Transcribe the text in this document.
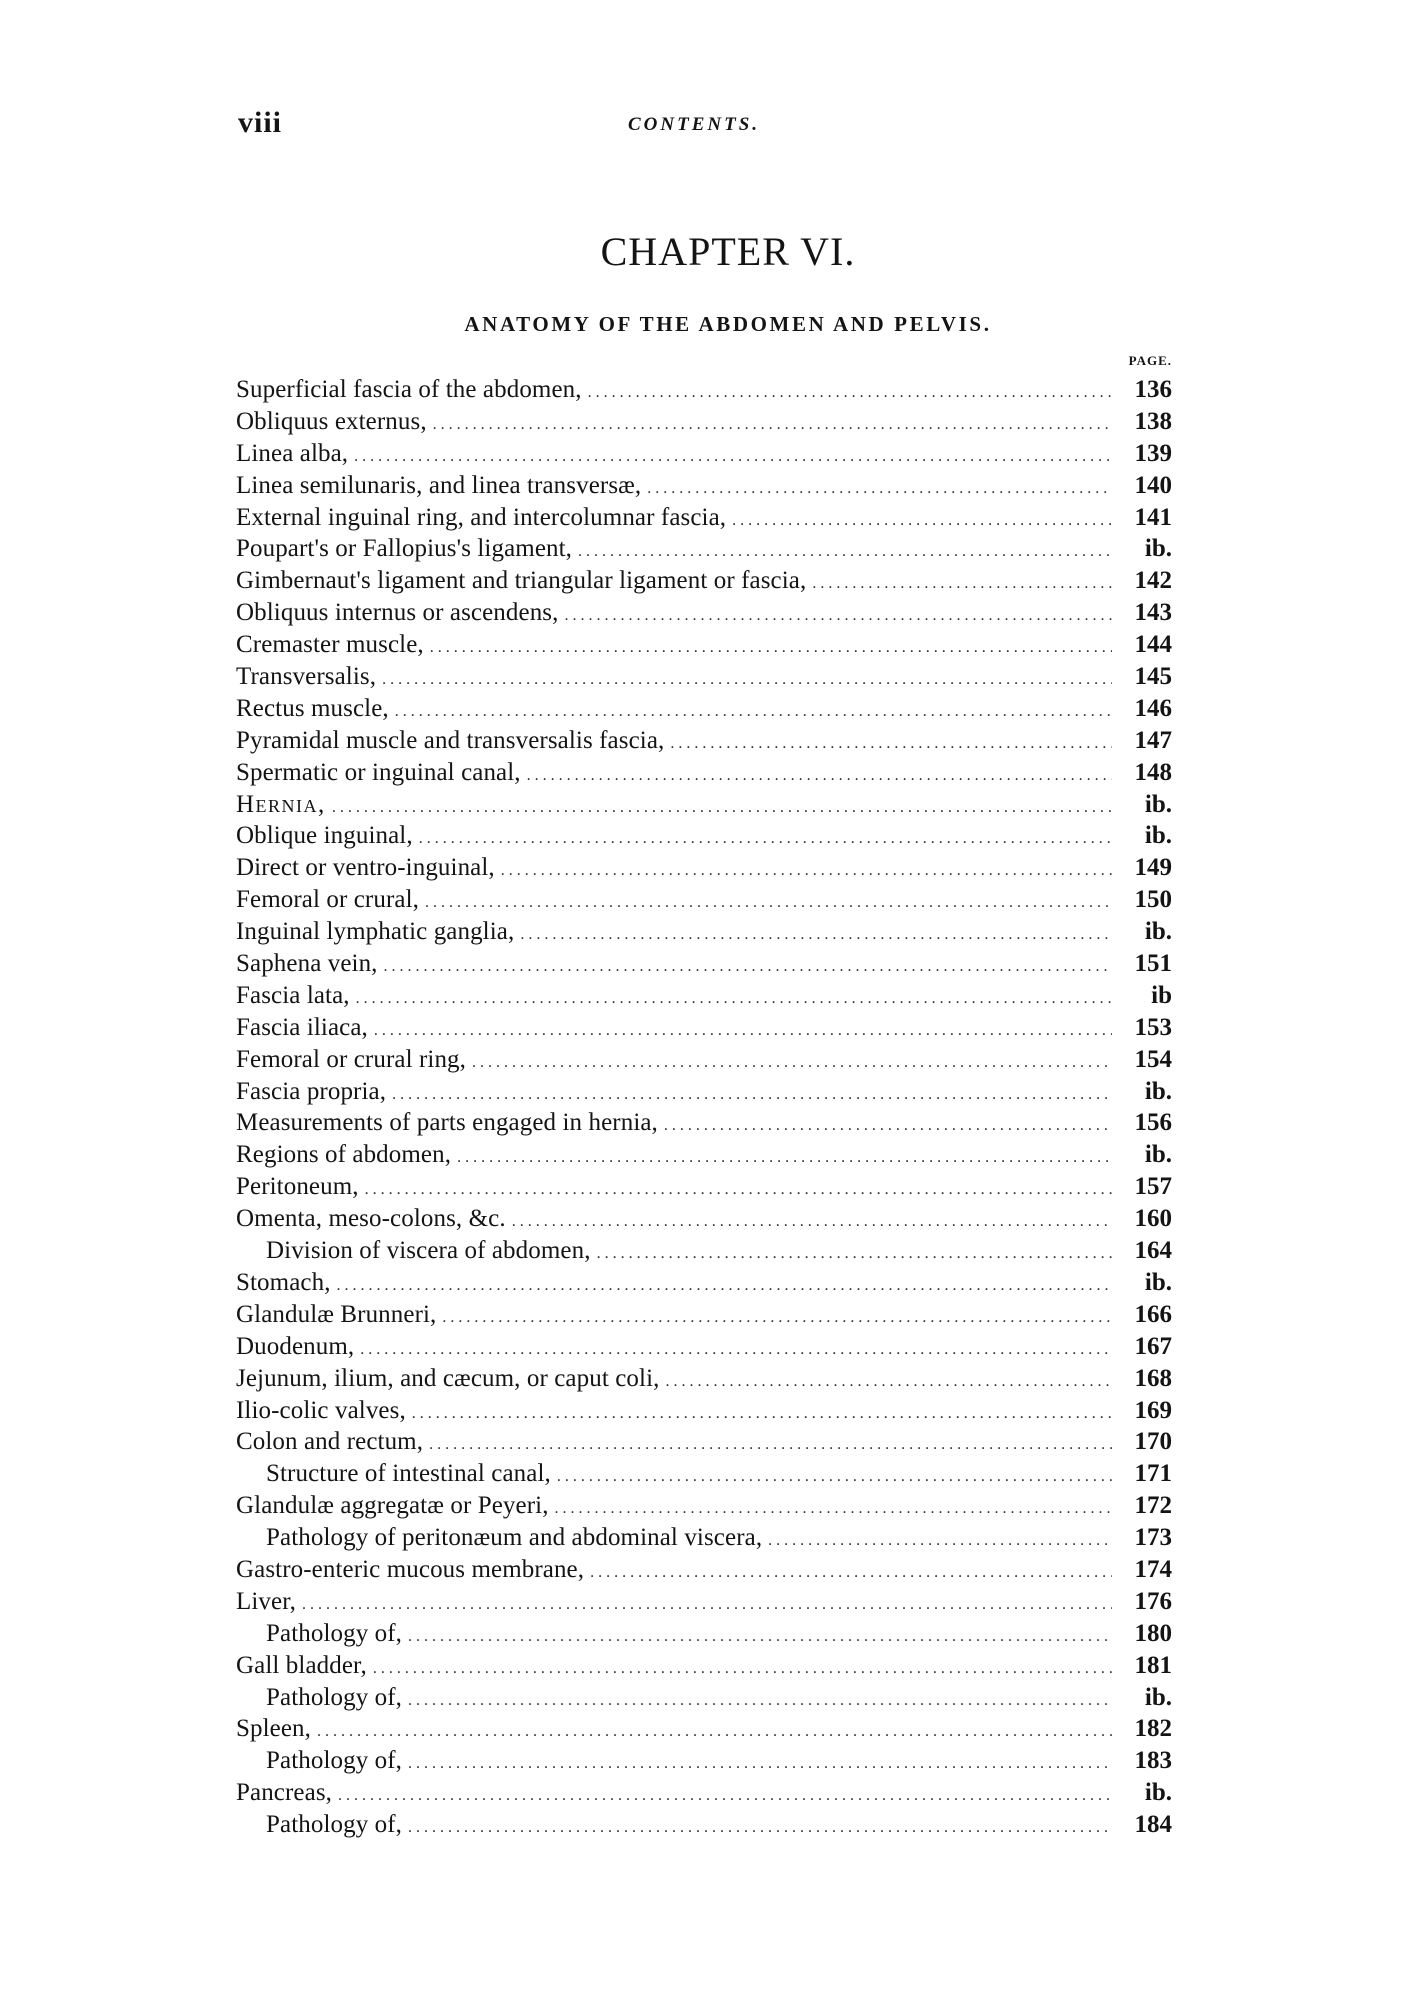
viii	CONTENTS.
CHAPTER VI.
ANATOMY OF THE ABDOMEN AND PELVIS.
PAGE.
Superficial fascia of the abdomen, .....	136
Obliquus externus, .....	138
Linea alba, .....	139
Linea semilunaris, and linea transversæ, .....	140
External inguinal ring, and intercolumnar fascia, .....	141
Poupart's or Fallopius's ligament, .....	ib.
Gimbernaut's ligament and triangular ligament or fascia, .....	142
Obliquus internus or ascendens, .....	143
Cremaster muscle, .....	144
Transversalis, .....	145
Rectus muscle, .....	146
Pyramidal muscle and transversalis fascia, .....	147
Spermatic or inguinal canal, .....	148
Hernia, .....	ib.
Oblique inguinal, .....	ib.
Direct or ventro-inguinal, .....	149
Femoral or crural, .....	150
Inguinal lymphatic ganglia, .....	ib.
Saphena vein, .....	151
Fascia lata, .....	ib
Fascia iliaca, .....	153
Femoral or crural ring, .....	154
Fascia propria, .....	ib.
Measurements of parts engaged in hernia, .....	156
Regions of abdomen, .....	ib.
Peritoneum, .....	157
Omenta, meso-colons, &c. .....	160
Division of viscera of abdomen, .....	164
Stomach, .....	ib.
Glandulæ Brunneri, .....	166
Duodenum, .....	167
Jejunum, ilium, and cæcum, or caput coli, .....	168
Ilio-colic valves, .....	169
Colon and rectum, .....	170
Structure of intestinal canal, .....	171
Glandulæ aggregatæ or Peyeri, .....	172
Pathology of peritonæum and abdominal viscera, .....	173
Gastro-enteric mucous membrane, .....	174
Liver, .....	176
Pathology of, .....	180
Gall bladder, .....	181
Pathology of, .....	ib.
Spleen, .....	182
Pathology of, .....	183
Pancreas, .....	ib.
Pathology of, .....	184
